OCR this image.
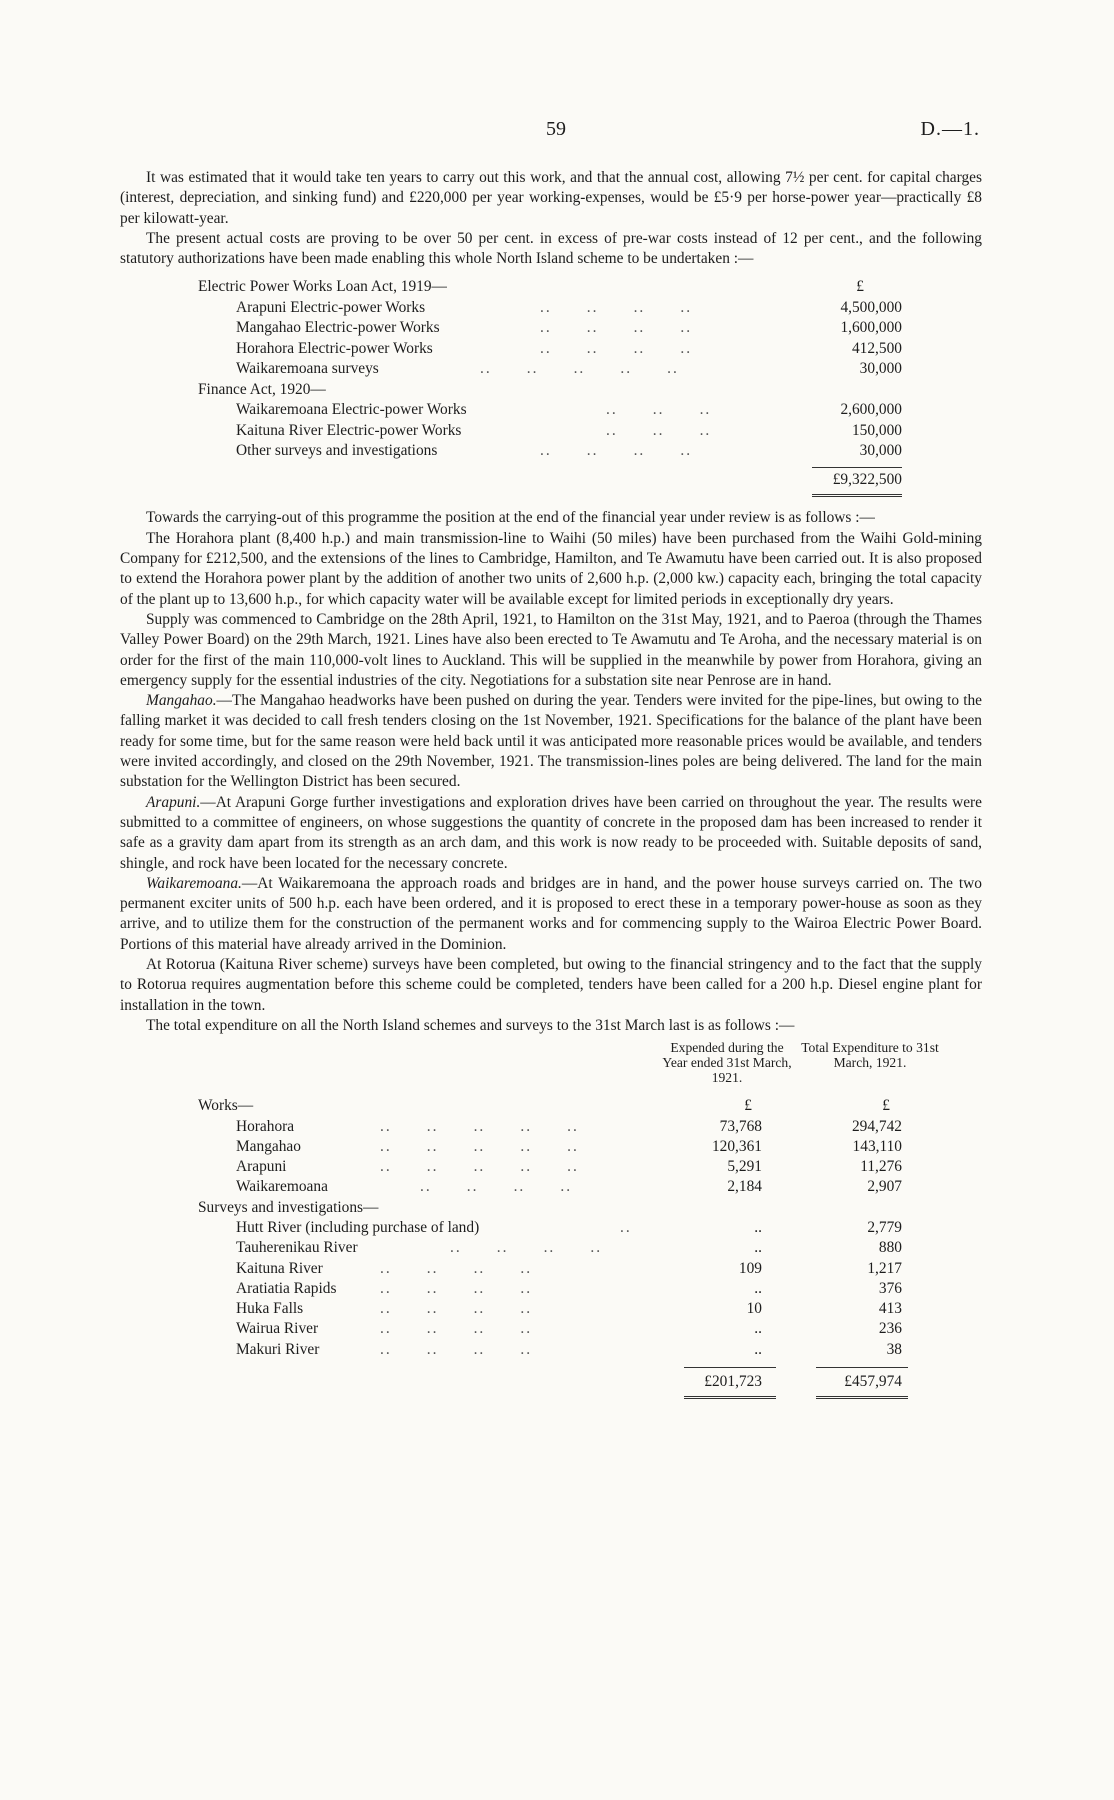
59	D.—1.

It was estimated that it would take ten years to carry out this work, and that the annual cost, allowing 7½ per cent. for capital charges (interest, depreciation, and sinking fund) and £220,000 per year working-expenses, would be £5·9 per horse-power year—practically £8 per kilowatt-year.

The present actual costs are proving to be over 50 per cent. in excess of pre-war costs instead of 12 per cent., and the following statutory authorizations have been made enabling this whole North Island scheme to be undertaken :—

Electric Power Works Loan Act, 1919—	£
Arapuni Electric-power Works	..      ..      ..      ..	4,500,000
Mangahao Electric-power Works	..      ..      ..      ..	1,600,000
Horahora Electric-power Works	..      ..      ..      ..	412,500
Waikaremoana surveys	..      ..      ..      ..      ..	30,000
Finance Act, 1920—
Waikaremoana Electric-power Works	..      ..      ..	2,600,000
Kaituna River Electric-power Works	..      ..      ..	150,000
Other surveys and investigations	..      ..      ..      ..	30,000
£9,322,500

Towards the carrying-out of this programme the position at the end of the financial year under review is as follows :—

The Horahora plant (8,400 h.p.) and main transmission-line to Waihi (50 miles) have been purchased from the Waihi Gold-mining Company for £212,500, and the extensions of the lines to Cambridge, Hamilton, and Te Awamutu have been carried out. It is also proposed to extend the Horahora power plant by the addition of another two units of 2,600 h.p. (2,000 kw.) capacity each, bringing the total capacity of the plant up to 13,600 h.p., for which capacity water will be available except for limited periods in exceptionally dry years.

Supply was commenced to Cambridge on the 28th April, 1921, to Hamilton on the 31st May, 1921, and to Paeroa (through the Thames Valley Power Board) on the 29th March, 1921. Lines have also been erected to Te Awamutu and Te Aroha, and the necessary material is on order for the first of the main 110,000-volt lines to Auckland. This will be supplied in the meanwhile by power from Horahora, giving an emergency supply for the essential industries of the city. Negotiations for a substation site near Penrose are in hand.

Mangahao.—The Mangahao headworks have been pushed on during the year. Tenders were invited for the pipe-lines, but owing to the falling market it was decided to call fresh tenders closing on the 1st November, 1921. Specifications for the balance of the plant have been ready for some time, but for the same reason were held back until it was anticipated more reasonable prices would be available, and tenders were invited accordingly, and closed on the 29th November, 1921. The transmission-lines poles are being delivered. The land for the main substation for the Wellington District has been secured.

Arapuni.—At Arapuni Gorge further investigations and exploration drives have been carried on throughout the year. The results were submitted to a committee of engineers, on whose suggestions the quantity of concrete in the proposed dam has been increased to render it safe as a gravity dam apart from its strength as an arch dam, and this work is now ready to be proceeded with. Suitable deposits of sand, shingle, and rock have been located for the necessary concrete.

Waikaremoana.—At Waikaremoana the approach roads and bridges are in hand, and the power house surveys carried on. The two permanent exciter units of 500 h.p. each have been ordered, and it is proposed to erect these in a temporary power-house as soon as they arrive, and to utilize them for the construction of the permanent works and for commencing supply to the Wairoa Electric Power Board. Portions of this material have already arrived in the Dominion.

At Rotorua (Kaituna River scheme) surveys have been completed, but owing to the financial stringency and to the fact that the supply to Rotorua requires augmentation before this scheme could be completed, tenders have been called for a 200 h.p. Diesel engine plant for installation in the town.

The total expenditure on all the North Island schemes and surveys to the 31st March last is as follows :—

Expended during the Year ended 31st March, 1921.
Total Expenditure to 31st March, 1921.
Works—	£	£
Horahora	..      ..      ..      ..      ..	73,768	294,742
Mangahao	..      ..      ..      ..      ..	120,361	143,110
Arapuni	..      ..      ..      ..      ..	5,291	11,276
Waikaremoana	..      ..      ..      ..	2,184	2,907
Surveys and investigations—
Hutt River (including purchase of land)	..	..	2,779
Tauherenikau River	..      ..      ..      ..	..	880
Kaituna River	..      ..      ..      ..	109	1,217
Aratiatia Rapids	..      ..      ..      ..	..	376
Huka Falls	..      ..      ..      ..	10	413
Wairua River	..      ..      ..      ..	..	236
Makuri River	..      ..      ..      ..	..	38
£201,723	£457,974
